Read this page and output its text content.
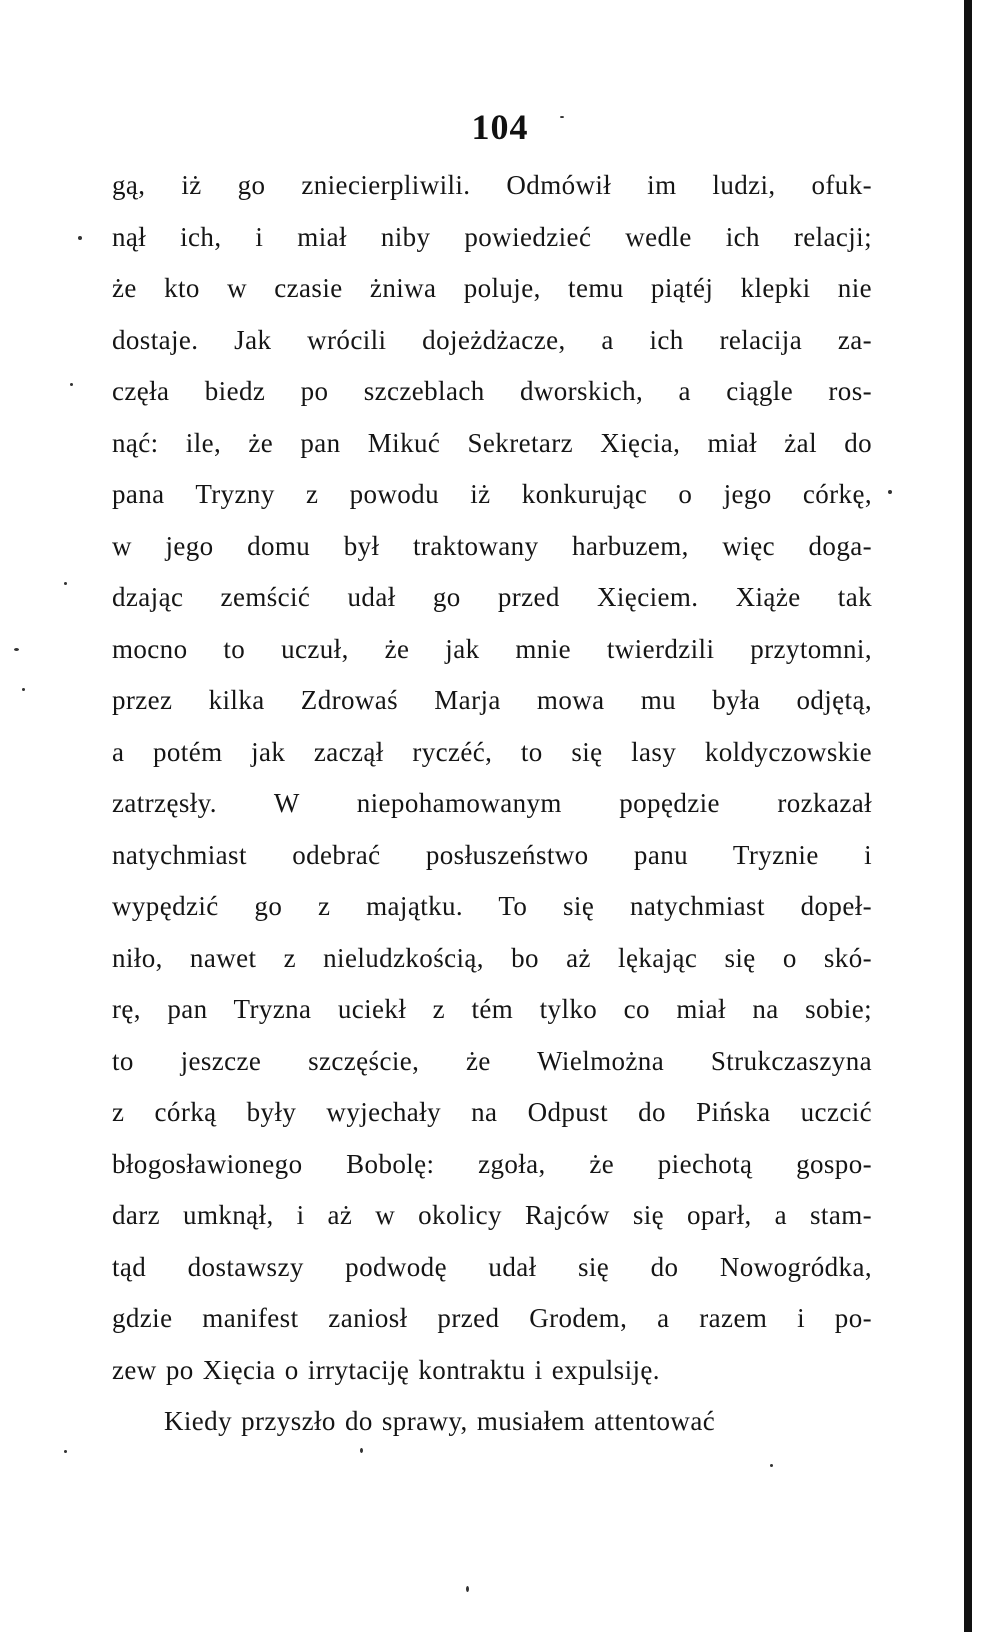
104
gą, iż go zniecierpliwili. Odmówił im ludzi, ofuk-
nął ich, i miał niby powiedzieć wedle ich relacji;
że kto w czasie żniwa poluje, temu piątéj klepki nie
dostaje. Jak wrócili dojeżdżacze, a ich relacija za-
częła biedz po szczeblach dworskich, a ciągle ros-
nąć: ile, że pan Mikuć Sekretarz Xięcia, miał żal do
pana Tryzny z powodu iż konkurując o jego córkę,
w jego domu był traktowany harbuzem, więc doga-
dzając zemścić udał go przed Xięciem. Xiąże tak
mocno to uczuł, że jak mnie twierdzili przytomni,
przez kilka Zdrowaś Marja mowa mu była odjętą,
a potém jak zaczął ryczéć, to się lasy koldyczowskie
zatrzęsły. W niepohamowanym popędzie rozkazał
natychmiast odebrać posłuszeństwo panu Tryznie i
wypędzić go z majątku. To się natychmiast dopeł-
niło, nawet z nieludzkością, bo aż lękając się o skó-
rę, pan Tryzna uciekł z tém tylko co miał na sobie;
to jeszcze szczęście, że Wielmożna Strukczaszyna
z córką były wyjechały na Odpust do Pińska uczcić
błogosławionego Bobolę: zgoła, że piechotą gospo-
darz umknął, i aż w okolicy Rajców się oparł, a stam-
tąd dostawszy podwodę udał się do Nowogródka,
gdzie manifest zaniosł przed Grodem, a razem i po-
zew po Xięcia o irrytaciję kontraktu i expulsiję.
Kiedy przyszło do sprawy, musiałem attentować
